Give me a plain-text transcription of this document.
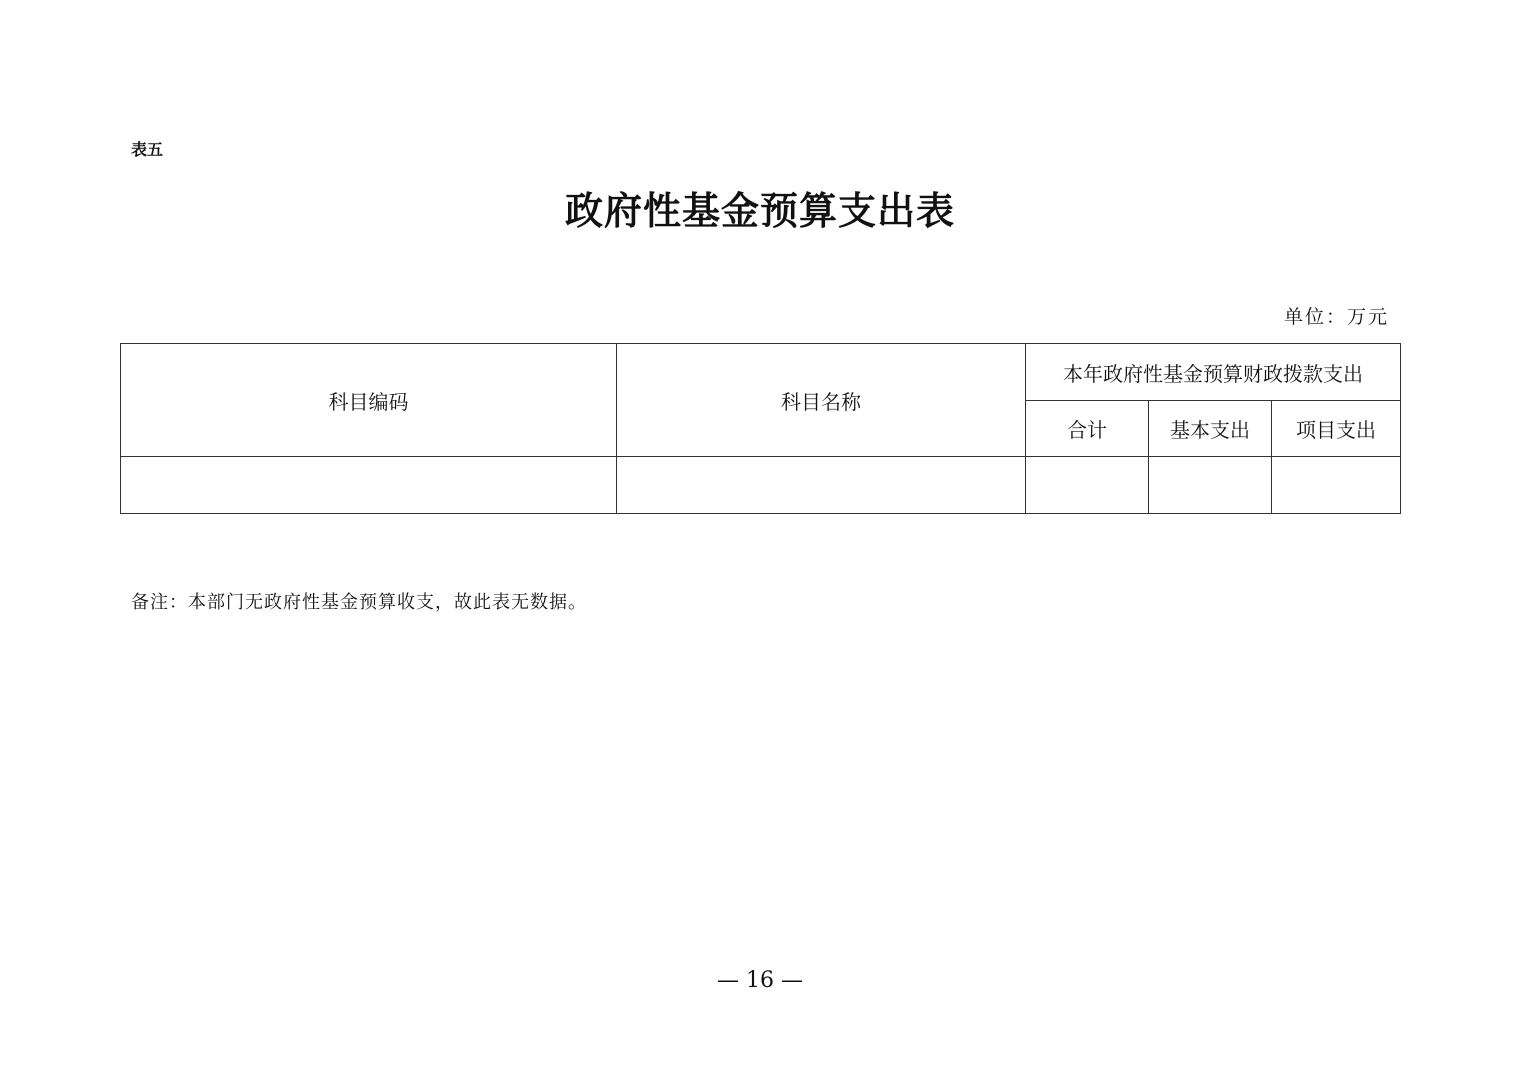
表五
政府性基金预算支出表
单位：万元
科目编码	科目名称	本年政府性基金预算财政拨款支出		
		合计	基本支出	项目支出

备注：本部门无政府性基金预算收支，故此表无数据。
— 16 —
